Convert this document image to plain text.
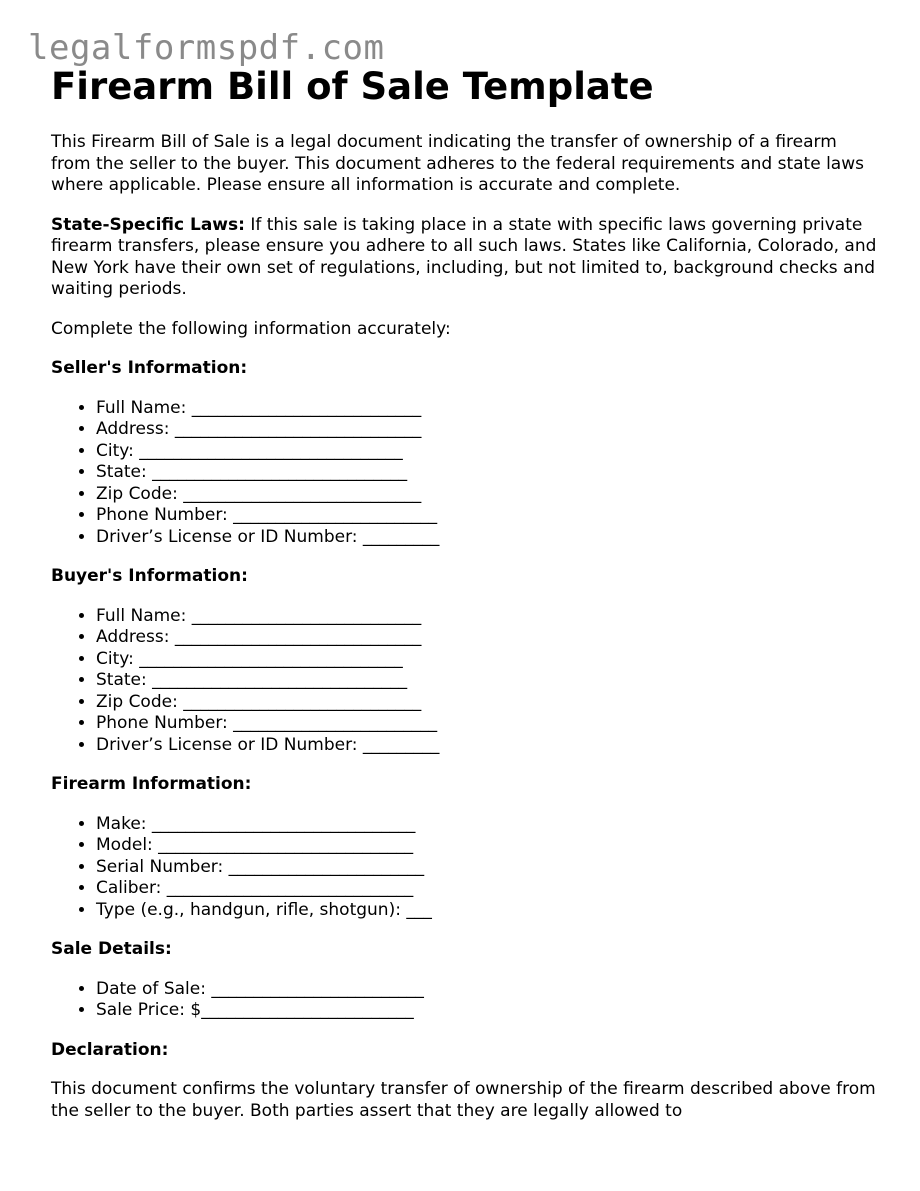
legalformspdf.com
Firearm Bill of Sale Template

This Firearm Bill of Sale is a legal document indicating the transfer of ownership of a firearm from the seller to the buyer. This document adheres to the federal requirements and state laws where applicable. Please ensure all information is accurate and complete.

State-Specific Laws: If this sale is taking place in a state with specific laws governing private firearm transfers, please ensure you adhere to all such laws. States like California, Colorado, and New York have their own set of regulations, including, but not limited to, background checks and waiting periods.

Complete the following information accurately:

Seller's Information:
• Full Name: ___________________________
• Address: _____________________________
• City: _______________________________
• State: ______________________________
• Zip Code: ____________________________
• Phone Number: ________________________
• Driver’s License or ID Number: _________
Buyer's Information:
• Full Name: ___________________________
• Address: _____________________________
• City: _______________________________
• State: ______________________________
• Zip Code: ____________________________
• Phone Number: ________________________
• Driver’s License or ID Number: _________
Firearm Information:
• Make: _______________________________
• Model: ______________________________
• Serial Number: _______________________
• Caliber: _____________________________
• Type (e.g., handgun, rifle, shotgun): ___
Sale Details:
• Date of Sale: _________________________
• Sale Price: $_________________________
Declaration:

This document confirms the voluntary transfer of ownership of the firearm described above from the seller to the buyer. Both parties assert that they are legally allowed to
